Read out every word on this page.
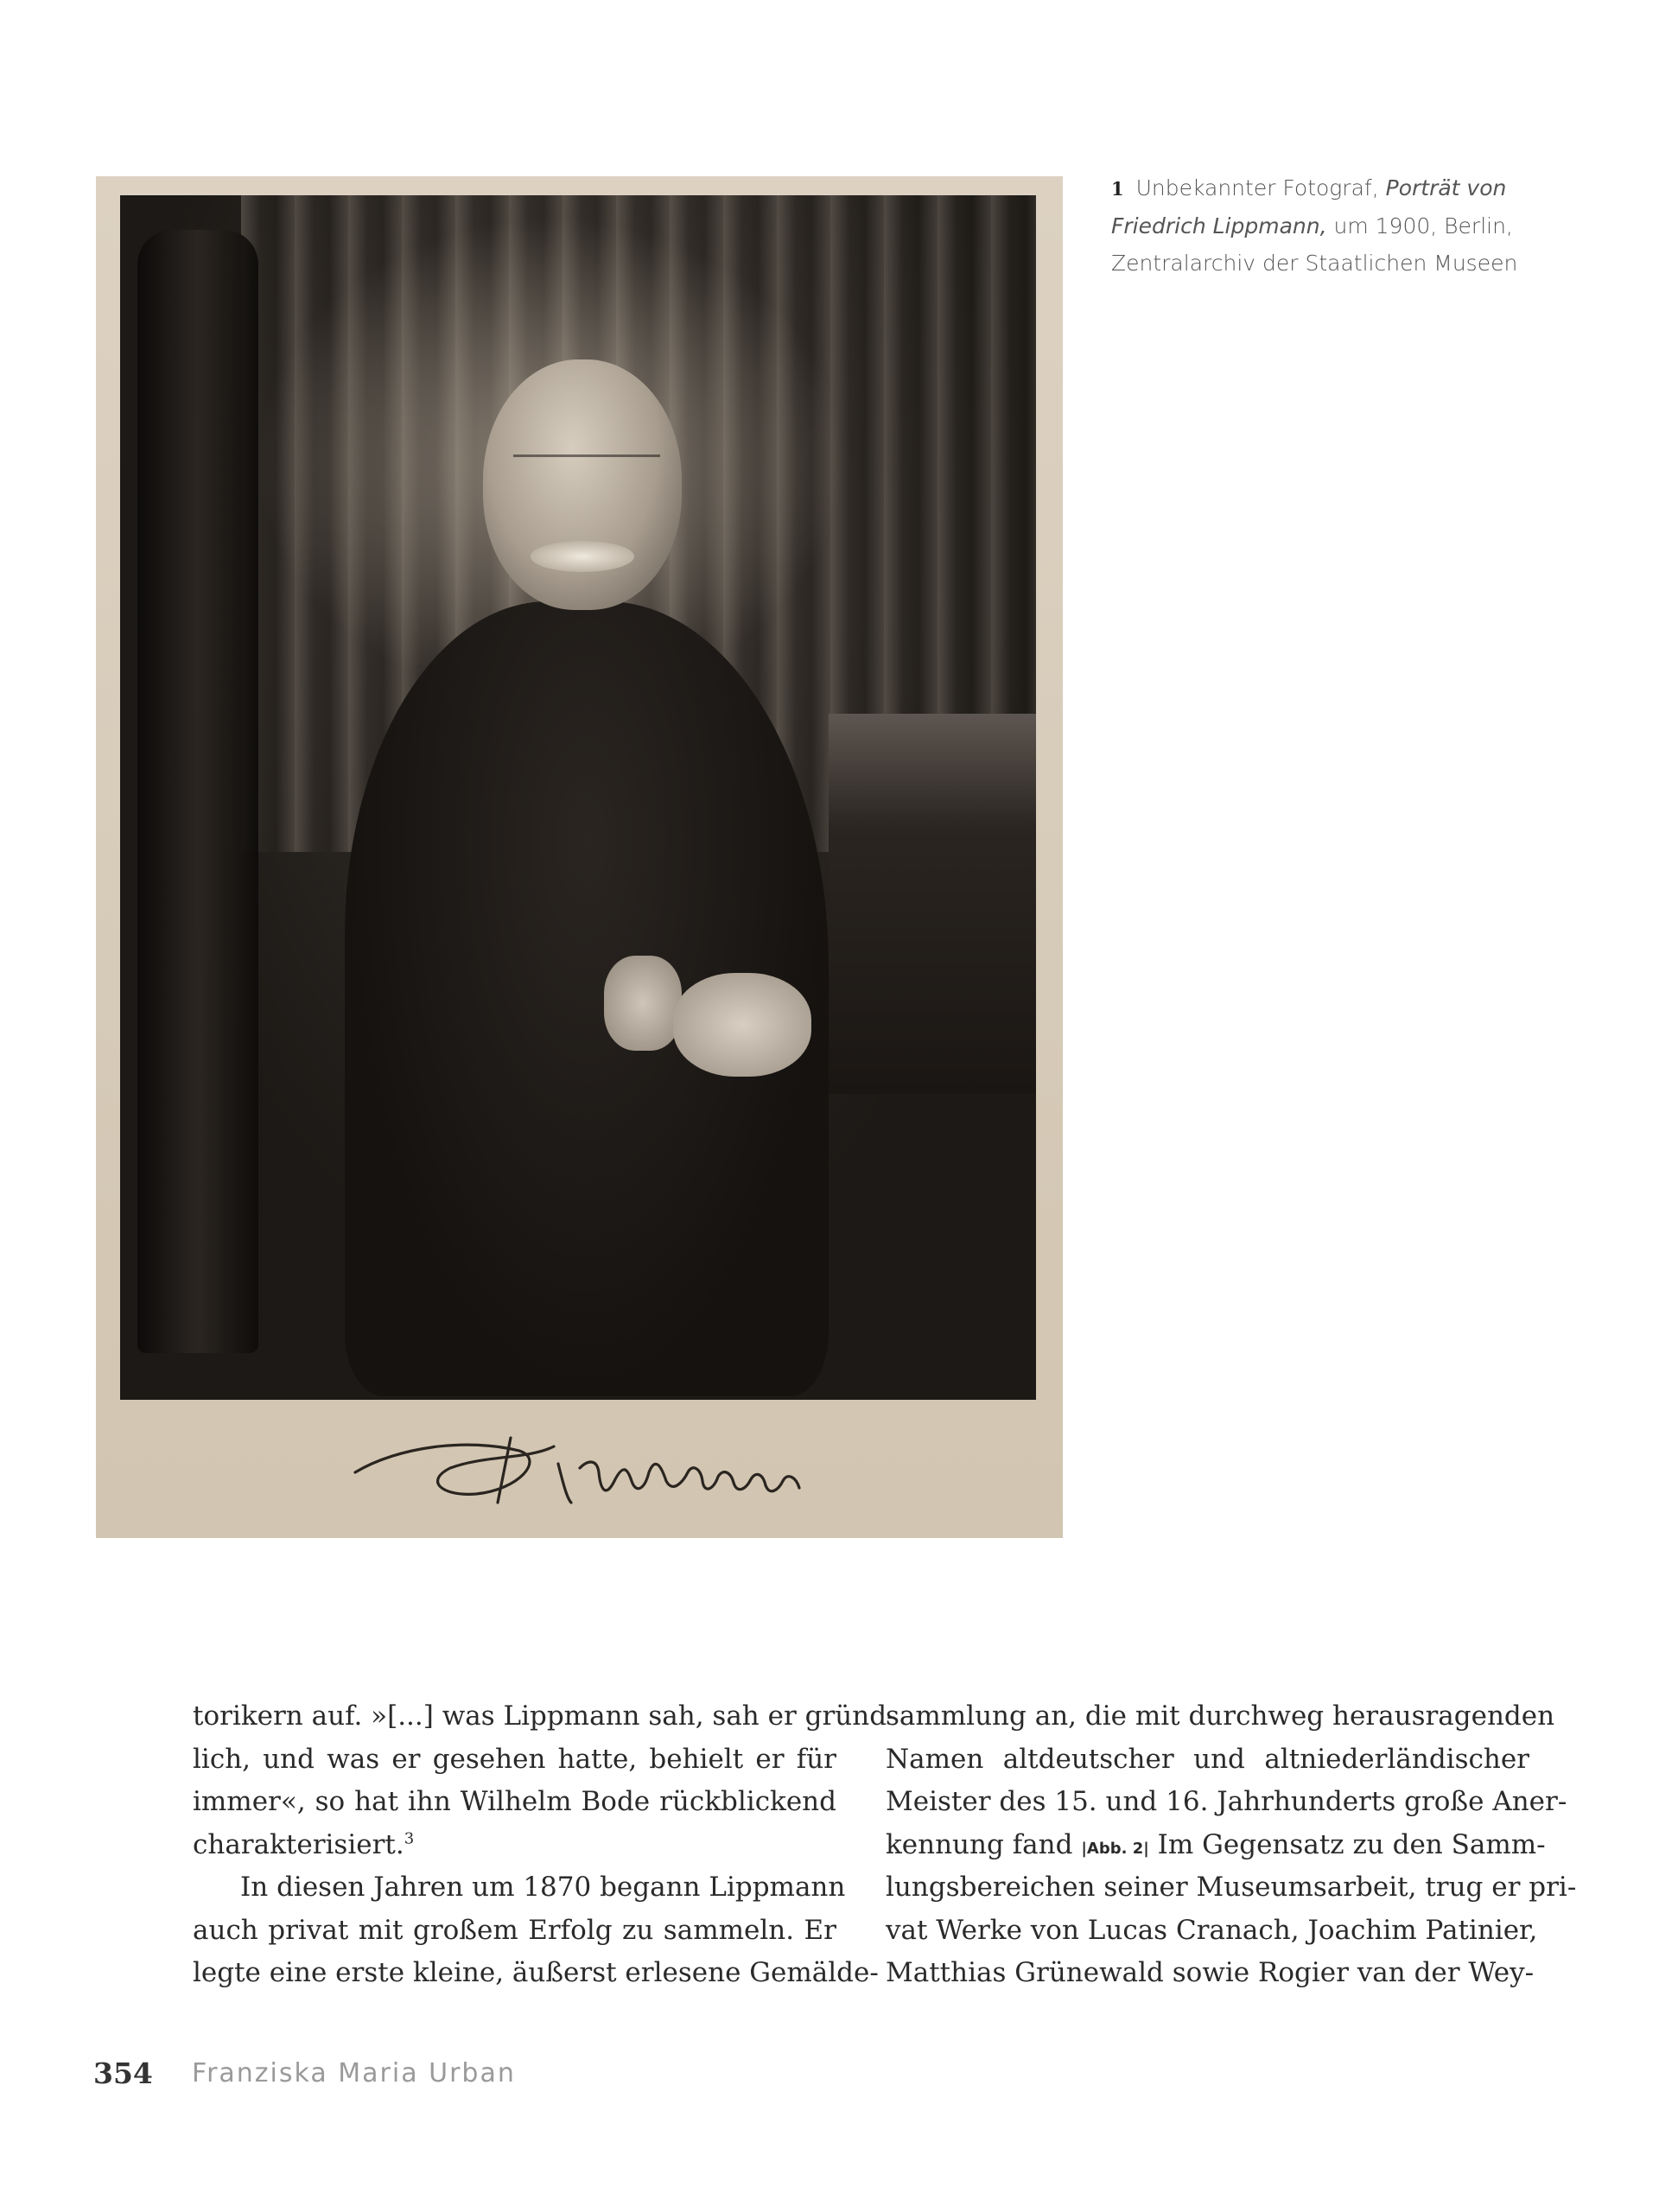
1 Unbekannter Fotograf, Porträt von Friedrich Lippmann, um 1900, Berlin, Zentralarchiv der Staatlichen Museen
torikern auf. »[...] was Lippmann sah, sah er gründ-
lich, und was er gesehen hatte, behielt er für
immer«, so hat ihn Wilhelm Bode rückblickend
charakterisiert.$^3$
In diesen Jahren um 1870 begann Lippmann
auch privat mit großem Erfolg zu sammeln. Er
legte eine erste kleine, äußerst erlesene Gemälde-
sammlung an, die mit durchweg herausragenden
Namen altdeutscher und altniederländischer
Meister des 15. und 16. Jahrhunderts große Aner-
kennung fand |Abb. 2| Im Gegensatz zu den Samm-
lungsbereichen seiner Museumsarbeit, trug er pri-
vat Werke von Lucas Cranach, Joachim Patinier,
Matthias Grünewald sowie Rogier van der Wey-
354 Franziska Maria Urban
